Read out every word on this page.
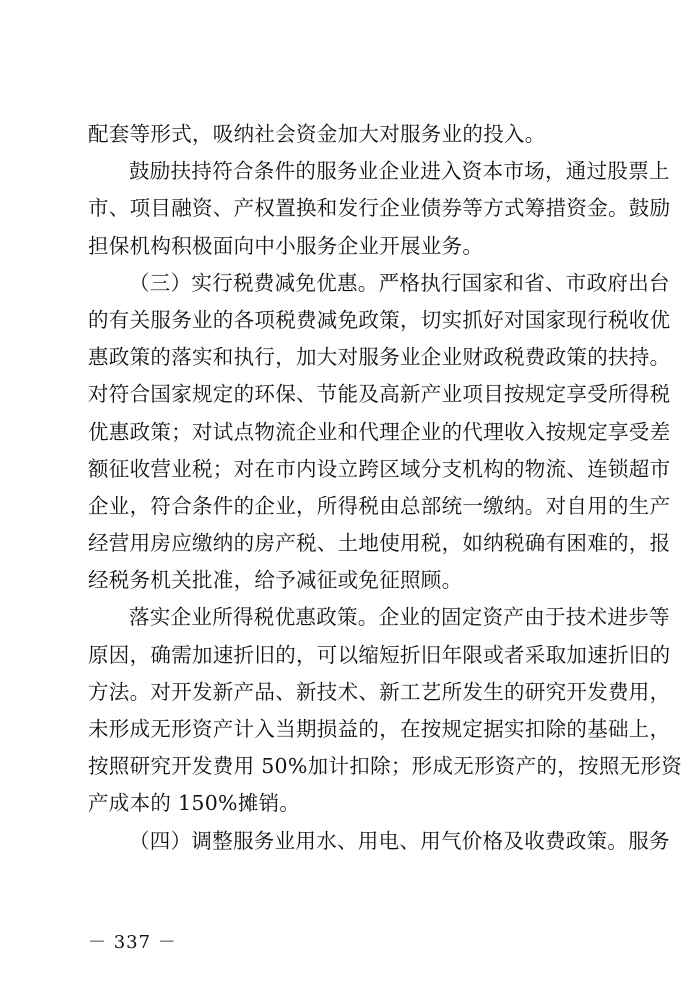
配套等形式，吸纳社会资金加大对服务业的投入。
鼓励扶持符合条件的服务业企业进入资本市场，通过股票上
市、项目融资、产权置换和发行企业债券等方式筹措资金。鼓励
担保机构积极面向中小服务企业开展业务。
（三）实行税费减免优惠。严格执行国家和省、市政府出台
的有关服务业的各项税费减免政策，切实抓好对国家现行税收优
惠政策的落实和执行，加大对服务业企业财政税费政策的扶持。
对符合国家规定的环保、节能及高新产业项目按规定享受所得税
优惠政策；对试点物流企业和代理企业的代理收入按规定享受差
额征收营业税；对在市内设立跨区域分支机构的物流、连锁超市
企业，符合条件的企业，所得税由总部统一缴纳。对自用的生产
经营用房应缴纳的房产税、土地使用税，如纳税确有困难的，报
经税务机关批准，给予减征或免征照顾。
落实企业所得税优惠政策。企业的固定资产由于技术进步等
原因，确需加速折旧的，可以缩短折旧年限或者采取加速折旧的
方法。对开发新产品、新技术、新工艺所发生的研究开发费用，
未形成无形资产计入当期损益的，在按规定据实扣除的基础上，
按照研究开发费用 50%加计扣除；形成无形资产的，按照无形资
产成本的 150%摊销。
（四）调整服务业用水、用电、用气价格及收费政策。服务
－ 337 －
